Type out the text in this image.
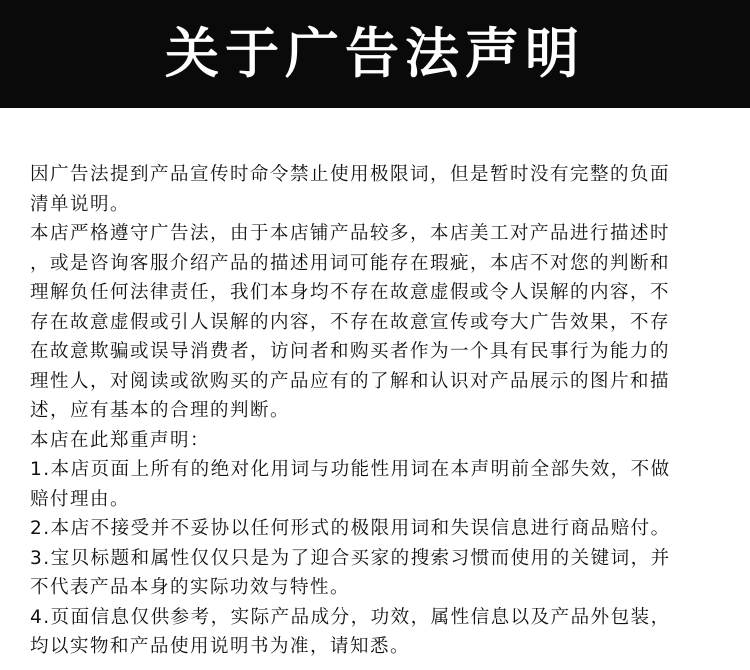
关于广告法声明
因广告法提到产品宣传时命令禁止使用极限词，但是暂时没有完整的负面
清单说明。
本店严格遵守广告法，由于本店铺产品较多，本店美工对产品进行描述时
，或是咨询客服介绍产品的描述用词可能存在瑕疵，本店不对您的判断和
理解负任何法律责任，我们本身均不存在故意虚假或令人误解的内容，不
存在故意虚假或引人误解的内容，不存在故意宣传或夸大广告效果，不存
在故意欺骗或误导消费者，访问者和购买者作为一个具有民事行为能力的
理性人，对阅读或欲购买的产品应有的了解和认识对产品展示的图片和描
述，应有基本的合理的判断。
本店在此郑重声明：
1.本店页面上所有的绝对化用词与功能性用词在本声明前全部失效，不做
赔付理由。
2.本店不接受并不妥协以任何形式的极限用词和失误信息进行商品赔付。
3.宝贝标题和属性仅仅只是为了迎合买家的搜索习惯而使用的关键词，并
不代表产品本身的实际功效与特性。
4.页面信息仅供参考，实际产品成分，功效，属性信息以及产品外包装，
均以实物和产品使用说明书为准，请知悉。
